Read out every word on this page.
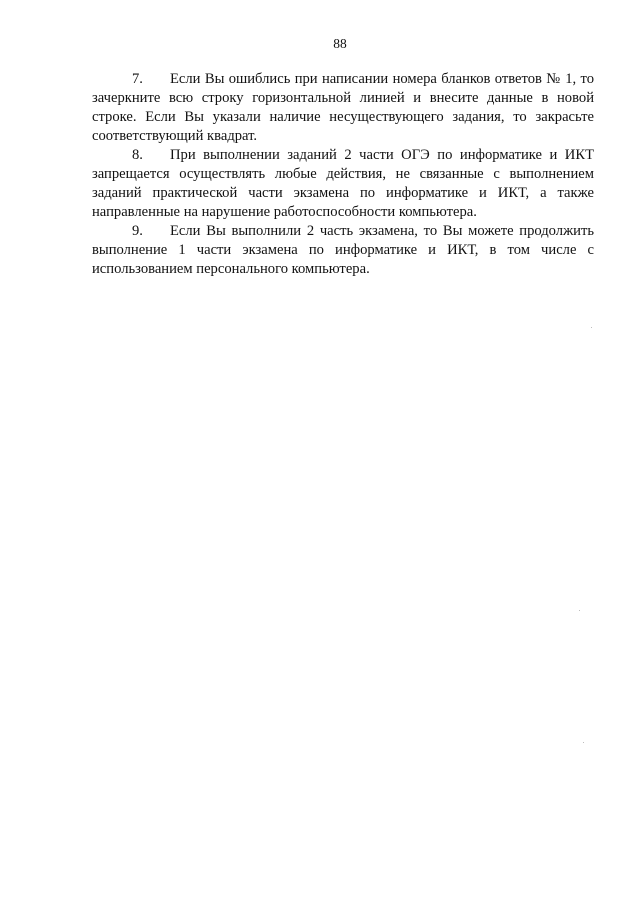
88

7. Если Вы ошиблись при написании номера бланков ответов № 1, то зачеркните всю строку горизонтальной линией и внесите данные в новой строке. Если Вы указали наличие несуществующего задания, то закрасьте соответствующий квадрат.

8. При выполнении заданий 2 части ОГЭ по информатике и ИКТ запрещается осуществлять любые действия, не связанные с выполнением заданий практической части экзамена по информатике и ИКТ, а также направленные на нарушение работоспособности компьютера.

9. Если Вы выполнили 2 часть экзамена, то Вы можете продолжить выполнение 1 части экзамена по информатике и ИКТ, в том числе с использованием персонального компьютера.
